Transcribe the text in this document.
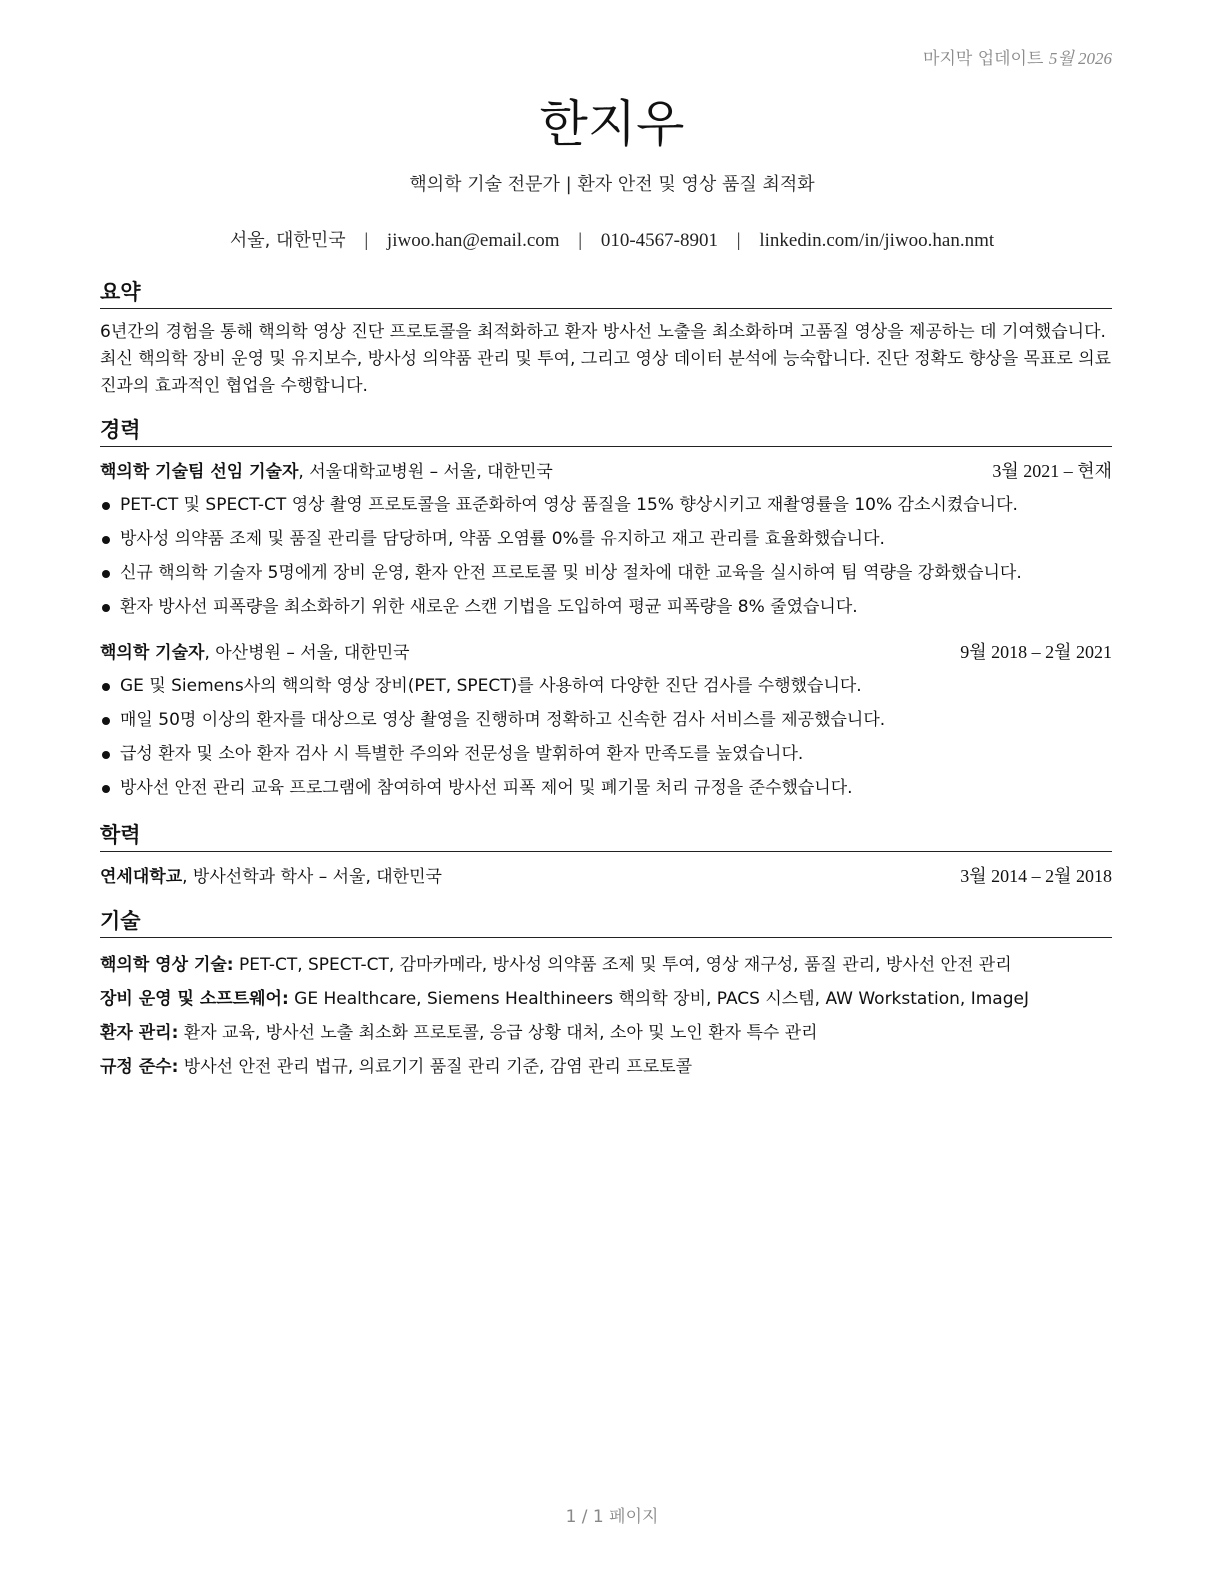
마지막 업데이트 5월 2026
한지우
핵의학 기술 전문가 | 환자 안전 및 영상 품질 최적화
서울, 대한민국 | jiwoo.han@email.com | 010-4567-8901 | linkedin.com/in/jiwoo.han.nmt
요약

6년간의 경험을 통해 핵의학 영상 진단 프로토콜을 최적화하고 환자 방사선 노출을 최소화하며 고품질 영상을 제공하는 데 기여했습니다. 최신 핵의학 장비 운영 및 유지보수, 방사성 의약품 관리 및 투여, 그리고 영상 데이터 분석에 능숙합니다. 진단 정확도 향상을 목표로 의료진과의 효과적인 협업을 수행합니다.

경력
핵의학 기술팀 선임 기술자, 서울대학교병원 – 서울, 대한민국	3월 2021 – 현재
PET-CT 및 SPECT-CT 영상 촬영 프로토콜을 표준화하여 영상 품질을 15% 향상시키고 재촬영률을 10% 감소시켰습니다.
방사성 의약품 조제 및 품질 관리를 담당하며, 약품 오염률 0%를 유지하고 재고 관리를 효율화했습니다.
신규 핵의학 기술자 5명에게 장비 운영, 환자 안전 프로토콜 및 비상 절차에 대한 교육을 실시하여 팀 역량을 강화했습니다.
환자 방사선 피폭량을 최소화하기 위한 새로운 스캔 기법을 도입하여 평균 피폭량을 8% 줄였습니다.
핵의학 기술자, 아산병원 – 서울, 대한민국	9월 2018 – 2월 2021
GE 및 Siemens사의 핵의학 영상 장비(PET, SPECT)를 사용하여 다양한 진단 검사를 수행했습니다.
매일 50명 이상의 환자를 대상으로 영상 촬영을 진행하며 정확하고 신속한 검사 서비스를 제공했습니다.
급성 환자 및 소아 환자 검사 시 특별한 주의와 전문성을 발휘하여 환자 만족도를 높였습니다.
방사선 안전 관리 교육 프로그램에 참여하여 방사선 피폭 제어 및 폐기물 처리 규정을 준수했습니다.
학력
연세대학교, 방사선학과 학사 – 서울, 대한민국	3월 2014 – 2월 2018
기술
핵의학 영상 기술: PET-CT, SPECT-CT, 감마카메라, 방사성 의약품 조제 및 투여, 영상 재구성, 품질 관리, 방사선 안전 관리
장비 운영 및 소프트웨어: GE Healthcare, Siemens Healthineers 핵의학 장비, PACS 시스템, AW Workstation, ImageJ
환자 관리: 환자 교육, 방사선 노출 최소화 프로토콜, 응급 상황 대처, 소아 및 노인 환자 특수 관리
규정 준수: 방사선 안전 관리 법규, 의료기기 품질 관리 기준, 감염 관리 프로토콜
1 / 1 페이지
